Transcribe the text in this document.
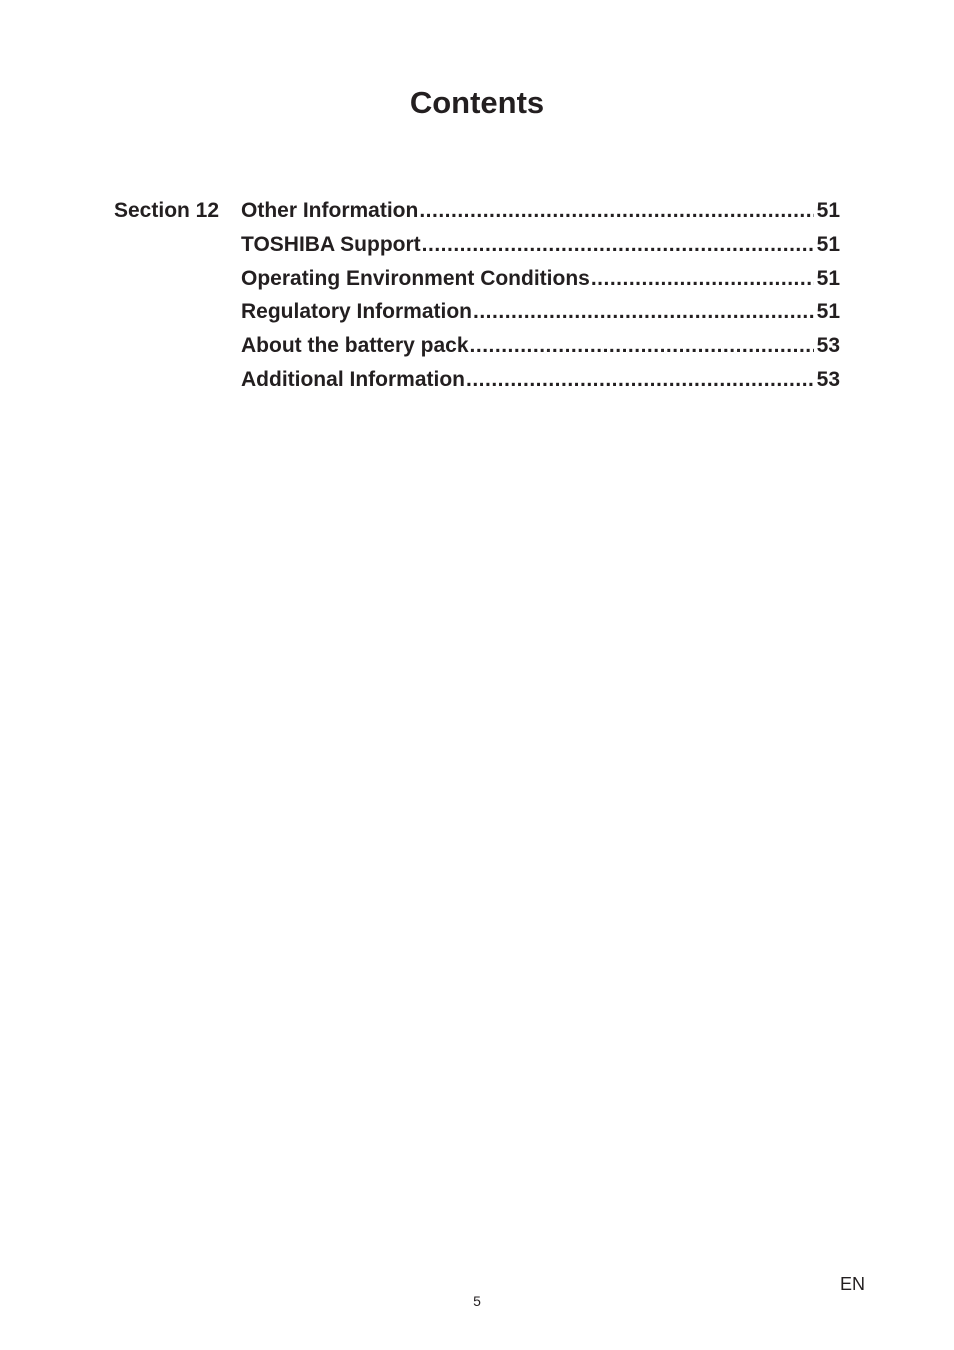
Contents
Section 12 Other Information .....	51
TOSHIBA Support .....	51
Operating Environment Conditions .....	51
Regulatory Information .....	51
About the battery pack .....	53
Additional Information .....	53
EN
5
